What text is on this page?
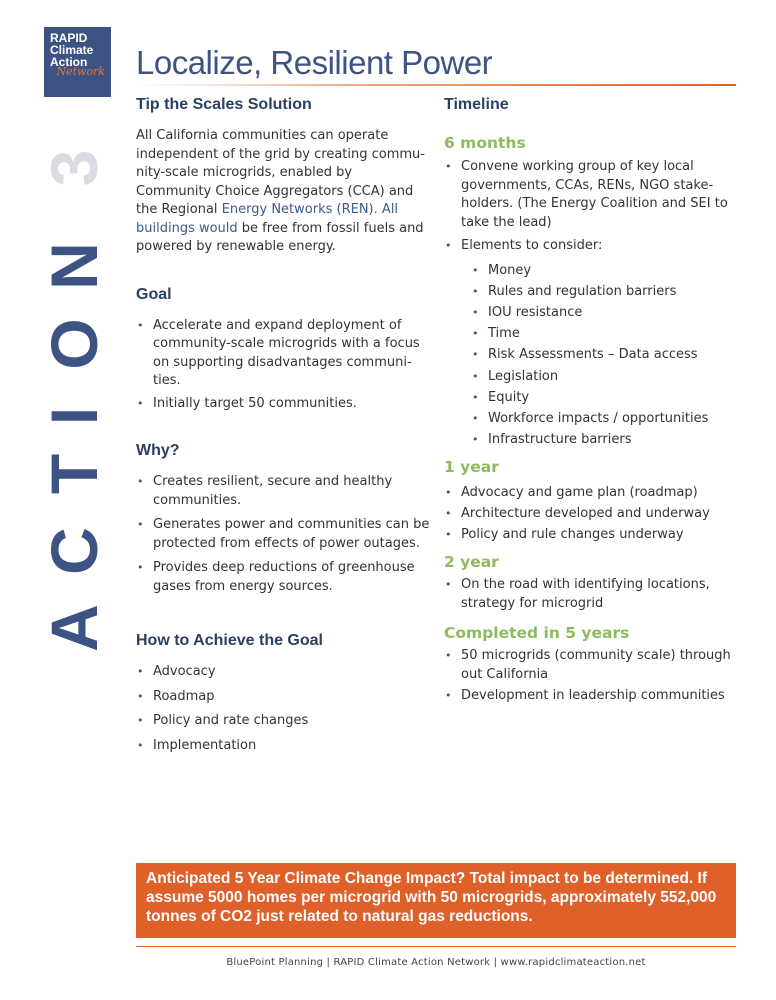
RAPID
Climate
Action
Network
A
C
T
I
O
N
3
Localize, Resilient Power
Tip the Scales Solution

All California communities can operate independent of the grid by creating commu-nity-scale microgrids, enabled by Community Choice Aggregators (CCA) and the Regional Energy Networks (REN). All buildings would be free from fossil fuels and powered by renewable energy.

Goal
• Accelerate and expand deployment of community-scale microgrids with a focus on supporting disadvantages communi-ties.
• Initially target 50 communities.
Why?
• Creates resilient, secure and healthy communities.
• Generates power and communities can be protected from effects of power outages.
• Provides deep reductions of greenhouse gases from energy sources.
How to Achieve the Goal
• Advocacy
• Roadmap
• Policy and rate changes
• Implementation
Timeline
6 months
• Convene working group of key local governments, CCAs, RENs, NGO stake-holders. (The Energy Coalition and SEI to take the lead)
• Elements to consider:
• Money
• Rules and regulation barriers
• IOU resistance
• Time
• Risk Assessments – Data access
• Legislation
• Equity
• Workforce impacts / opportunities
• Infrastructure barriers
1 year
• Advocacy and game plan (roadmap)
• Architecture developed and underway
• Policy and rule changes underway
2 year
• On the road with identifying locations, strategy for microgrid
Completed in 5 years
• 50 microgrids (community scale) through out California
• Development in leadership communities
Anticipated 5 Year Climate Change Impact? Total impact to be determined. If assume 5000 homes per microgrid with 50 microgrids, approximately 552,000 tonnes of CO2 just related to natural gas reductions.
BluePoint Planning | RAPID Climate Action Network | www.rapidclimateaction.net
